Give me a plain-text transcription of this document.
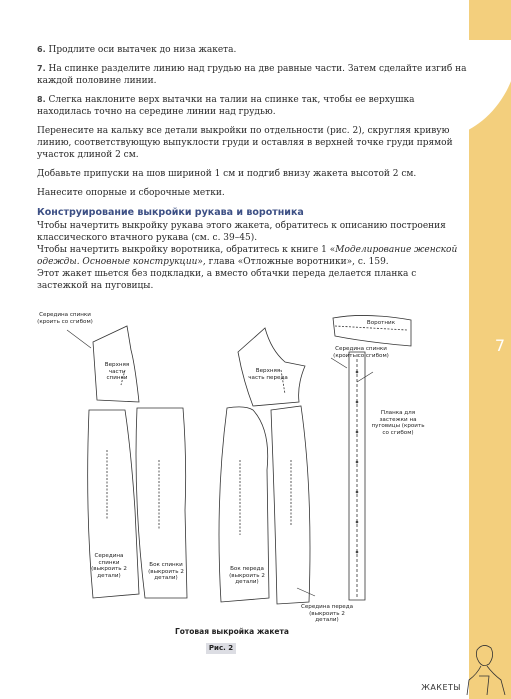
7

6. Продлите оси вытачек до низа жакета.

7. На спинке разделите линию над грудью на две равные части. Затем сделайте изгиб на каждой половине линии.

8. Слегка наклоните верх вытачки на талии на спинке так, чтобы ее верхушка находилась точно на середине линии над грудью.

Перенесите на кальку все детали выкройки по отдельности (рис. 2), скругляя кривую линию, соответствующую выпуклости груди и оставляя в верхней точке груди прямой участок длиной 2 см.

Добавьте припуски на шов шириной 1 см и подгиб внизу жакета высотой 2 см.

Нанесите опорные и сборочные метки.

Конструирование выкройки рукава и воротника

Чтобы начертить выкройку рукава этого жакета, обратитесь к описанию построения классического втачного рукава (см. с. 39–45).

Чтобы начертить выкройку воротника, обратитесь к книге 1 «Моделирование женской одежды. Основные конструкции», глава «Отложные воротники», с. 159.

Этот жакет шьется без подкладки, а вместо обтачки переда делается планка с застежкой на пуговицы.

Середина спинки (кроить со сгибом)
Верхняя часть спинки
Верхняя часть переда
Воротник
Середина спинки (кроить со сгибом)
Планка для застежки на пуговицы (кроить со сгибом)
Середина спинки (выкроить 2 детали)
Бок спинки (выкроить 2 детали)
Бок переда (выкроить 2 детали)
Середина переда (выкроить 2 детали)
Готовая выкройка жакета
Рис. 2
ЖАКЕТЫ
